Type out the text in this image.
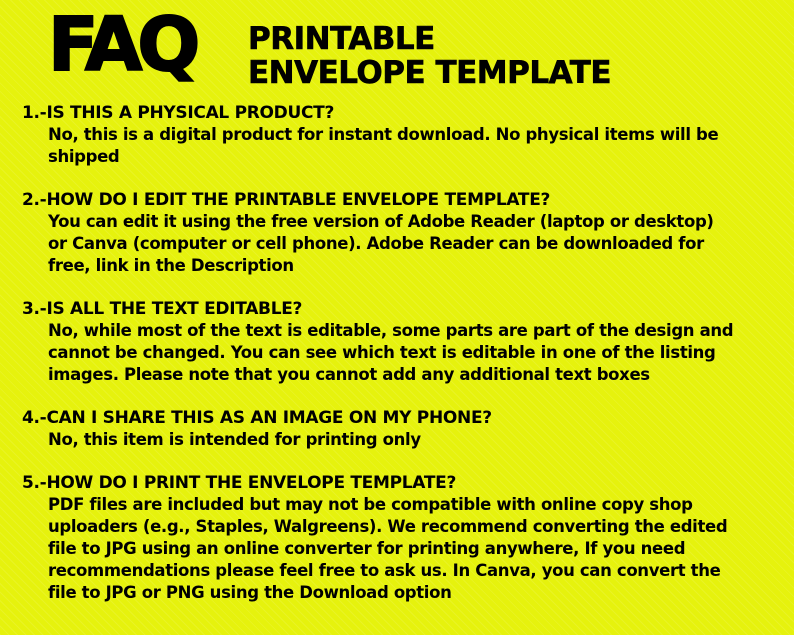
FAQ PRINTABLE
ENVELOPE TEMPLATE
1.-IS THIS A PHYSICAL PRODUCT?
No, this is a digital product for instant download. No physical items will be
shipped
2.-HOW DO I EDIT THE PRINTABLE ENVELOPE TEMPLATE?
You can edit it using the free version of Adobe Reader (laptop or desktop)
or Canva (computer or cell phone). Adobe Reader can be downloaded for
free, link in the Description
3.-IS ALL THE TEXT EDITABLE?
No, while most of the text is editable, some parts are part of the design and
cannot be changed. You can see which text is editable in one of the listing
images. Please note that you cannot add any additional text boxes
4.-CAN I SHARE THIS AS AN IMAGE ON MY PHONE?
No, this item is intended for printing only
5.-HOW DO I PRINT THE ENVELOPE TEMPLATE?
PDF files are included but may not be compatible with online copy shop
uploaders (e.g., Staples, Walgreens). We recommend converting the edited
file to JPG using an online converter for printing anywhere, If you need
recommendations please feel free to ask us. In Canva, you can convert the
file to JPG or PNG using the Download option
